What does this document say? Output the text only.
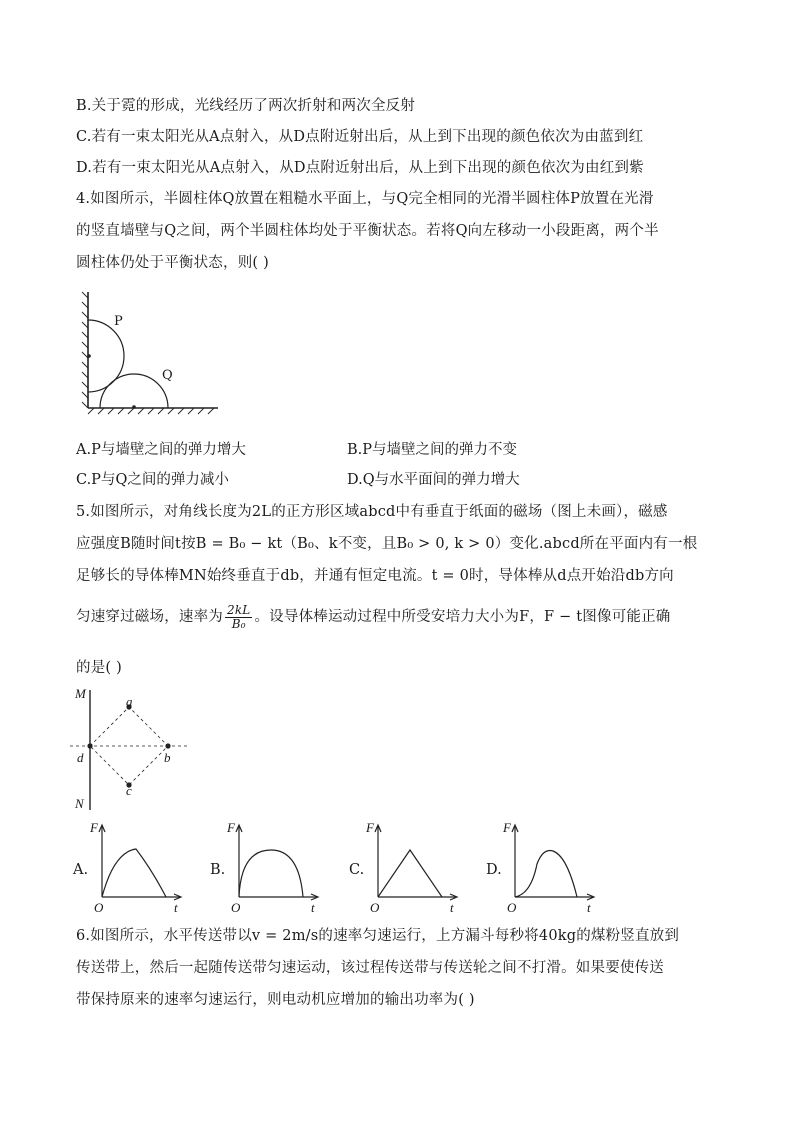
B.关于霓的形成，光线经历了两次折射和两次全反射
C.若有一束太阳光从A点射入，从D点附近射出后，从上到下出现的颜色依次为由蓝到红
D.若有一束太阳光从A点射入，从D点附近射出后，从上到下出现的颜色依次为由红到紫
4.如图所示，半圆柱体Q放置在粗糙水平面上，与Q完全相同的光滑半圆柱体P放置在光滑
的竖直墙壁与Q之间，两个半圆柱体均处于平衡状态。若将Q向左移动一小段距离，两个半
圆柱体仍处于平衡状态，则( )
P
Q
A.P与墙壁之间的弹力增大	B.P与墙壁之间的弹力不变
C.P与Q之间的弹力减小	D.Q与水平面间的弹力增大
5.如图所示，对角线长度为2L的正方形区域abcd中有垂直于纸面的磁场（图上未画），磁感
应强度B随时间t按B = B₀ − kt（B₀、k不变，且B₀ > 0, k > 0）变化.abcd所在平面内有一根
足够长的导体棒MN始终垂直于db，并通有恒定电流。t = 0时，导体棒从d点开始沿db方向
匀速穿过磁场，速率为 $\frac{2kL}{\text{B₀}}$ 。设导体棒运动过程中所受安培力大小为F，F − t图像可能正确
的是( )
M
N
a
b
c
d
A.	B.	C.	D.
F
t
O
F
t
O
F
t
O
F
t
O
6.如图所示，水平传送带以v = 2m/s的速率匀速运行，上方漏斗每秒将40kg的煤粉竖直放到
传送带上，然后一起随传送带匀速运动，该过程传送带与传送轮之间不打滑。如果要使传送
带保持原来的速率匀速运行，则电动机应增加的输出功率为( )
